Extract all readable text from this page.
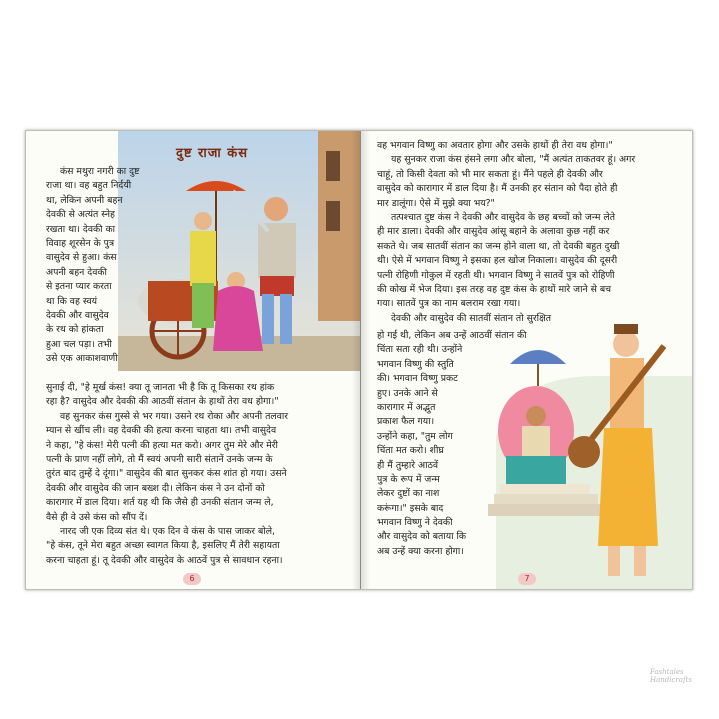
दुष्ट राजा कंस
कंस मथुरा नगरी का दुष्ट
राजा था। वह बहुत निर्दयी
था, लेकिन अपनी बहन
देवकी से अत्यंत स्नेह
रखता था। देवकी का
विवाह शूरसेन के पुत्र
वासुदेव से हुआ। कंस
अपनी बहन देवकी
से इतना प्यार करता
था कि वह स्वयं
देवकी और वासुदेव
के रथ को हांकता
हुआ चल पड़ा। तभी
उसे एक आकाशवाणी
सुनाई दी, "हे मूर्ख कंस! क्या तू जानता भी है कि तू किसका रथ हांक
रहा है? वासुदेव और देवकी की आठवीं संतान के हाथों तेरा वध होगा।"
वह सुनकर कंस गुस्से से भर गया। उसने रथ रोका और अपनी तलवार
म्यान से खींच ली। वह देवकी की हत्या करना चाहता था। तभी वासुदेव
ने कहा, "हे कंस! मेरी पत्नी की हत्या मत करो। अगर तुम मेरे और मेरी
पत्नी के प्राण नहीं लोगे, तो मैं स्वयं अपनी सारी संतानें उनके जन्म के
तुरंत बाद तुम्हें दे दूंगा।" वासुदेव की बात सुनकर कंस शांत हो गया। उसने
देवकी और वासुदेव की जान बख्श दी। लेकिन कंस ने उन दोनों को
कारागार में डाल दिया। शर्त यह थी कि जैसे ही उनकी संतान जन्म ले,
वैसे ही वे उसे कंस को सौंप दें।
नारद जी एक दिव्य संत थे। एक दिन वे कंस के पास जाकर बोले,
"हे कंस, तूने मेरा बहुत अच्छा स्वागत किया है, इसलिए मैं तेरी सहायता
करना चाहता हूं। तू देवकी और वासुदेव के आठवें पुत्र से सावधान रहना।
6
वह भगवान विष्णु का अवतार होगा और उसके हाथों ही तेरा वध होगा।"
यह सुनकर राजा कंस हंसने लगा और बोला, "मैं अत्यंत ताकतवर हूं। अगर
चाहूं, तो किसी देवता को भी मार सकता हूं। मैंने पहले ही देवकी और
वासुदेव को कारागार में डाल दिया है। मैं उनकी हर संतान को पैदा होते ही
मार डालूंगा। ऐसे में मुझे क्या भय?"
तत्पश्चात दुष्ट कंस ने देवकी और वासुदेव के छह बच्चों को जन्म लेते
ही मार डाला। देवकी और वासुदेव आंसू बहाने के अलावा कुछ नहीं कर
सकते थे। जब सातवीं संतान का जन्म होने वाला था, तो देवकी बहुत दुखी
थी। ऐसे में भगवान विष्णु ने इसका हल खोज निकाला। वासुदेव की दूसरी
पत्नी रोहिणी गोकुल में रहती थी। भगवान विष्णु ने सातवें पुत्र को रोहिणी
की कोख में भेज दिया। इस तरह वह दुष्ट कंस के हाथों मारे जाने से बच
गया। सातवें पुत्र का नाम बलराम रखा गया।
देवकी और वासुदेव की सातवीं संतान तो सुरक्षित
हो गई थी, लेकिन अब उन्हें आठवीं संतान की
चिंता सता रही थी। उन्होंने
भगवान विष्णु की स्तुति
की। भगवान विष्णु प्रकट
हुए। उनके आने से
कारागार में अद्भुत
प्रकाश फैल गया।
उन्होंने कहा, "तुम लोग
चिंता मत करो। शीघ्र
ही मैं तुम्हारे आठवें
पुत्र के रूप में जन्म
लेकर दुष्टों का नाश
करूंगा।" इसके बाद
भगवान विष्णु ने देवकी
और वासुदेव को बताया कि
अब उन्हें क्या करना होगा।
7
Fashtales
Handicrafts
